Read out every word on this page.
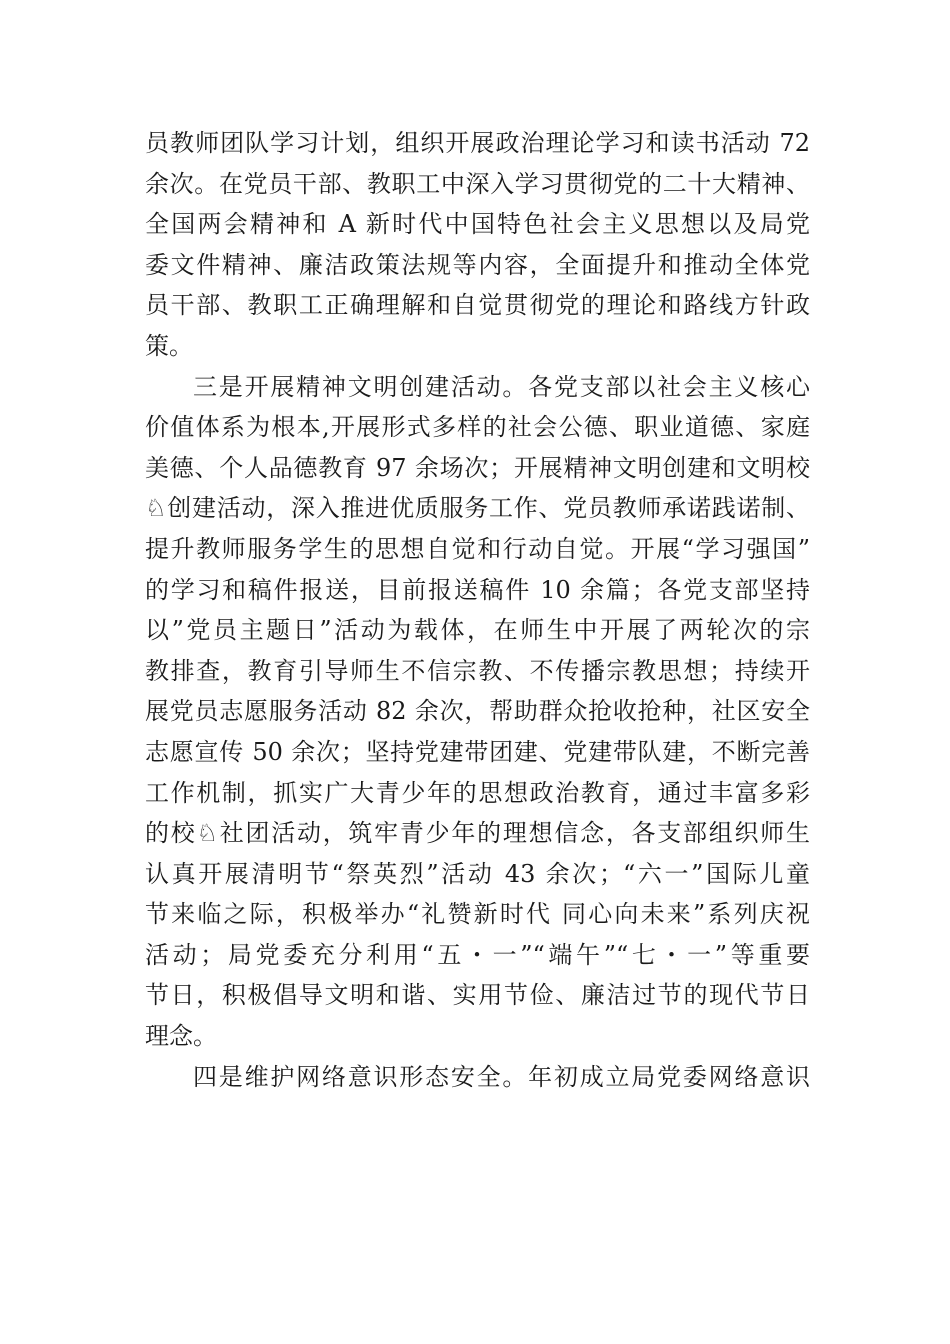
员教师团队学习计划，组织开展政治理论学习和读书活动 72
余次。在党员干部、教职工中深入学习贯彻党的二十大精神、
全国两会精神和 A 新时代中国特色社会主义思想以及局党
委文件精神、廉洁政策法规等内容，全面提升和推动全体党
员干部、教职工正确理解和自觉贯彻党的理论和路线方针政
策。
三是开展精神文明创建活动。各党支部以社会主义核心
价值体系为根本,开展形式多样的社会公德、职业道德、家庭
美德、个人品德教育 97 余场次；开展精神文明创建和文明校
♘创建活动，深入推进优质服务工作、党员教师承诺践诺制、
提升教师服务学生的思想自觉和行动自觉。开展“学习强国”
的学习和稿件报送，目前报送稿件 10 余篇；各党支部坚持
以”党员主题日”活动为载体，在师生中开展了两轮次的宗
教排查，教育引导师生不信宗教、不传播宗教思想；持续开
展党员志愿服务活动 82 余次，帮助群众抢收抢种，社区安全
志愿宣传 50 余次；坚持党建带团建、党建带队建，不断完善
工作机制，抓实广大青少年的思想政治教育，通过丰富多彩
的校♘社团活动，筑牢青少年的理想信念，各支部组织师生
认真开展清明节“祭英烈”活动 43 余次；“六一”国际儿童
节来临之际，积极举办“礼赞新时代 同心向未来”系列庆祝
活动；局党委充分利用“五・一”“端午”“七・一”等重要
节日，积极倡导文明和谐、实用节俭、廉洁过节的现代节日
理念。
四是维护网络意识形态安全。年初成立局党委网络意识
